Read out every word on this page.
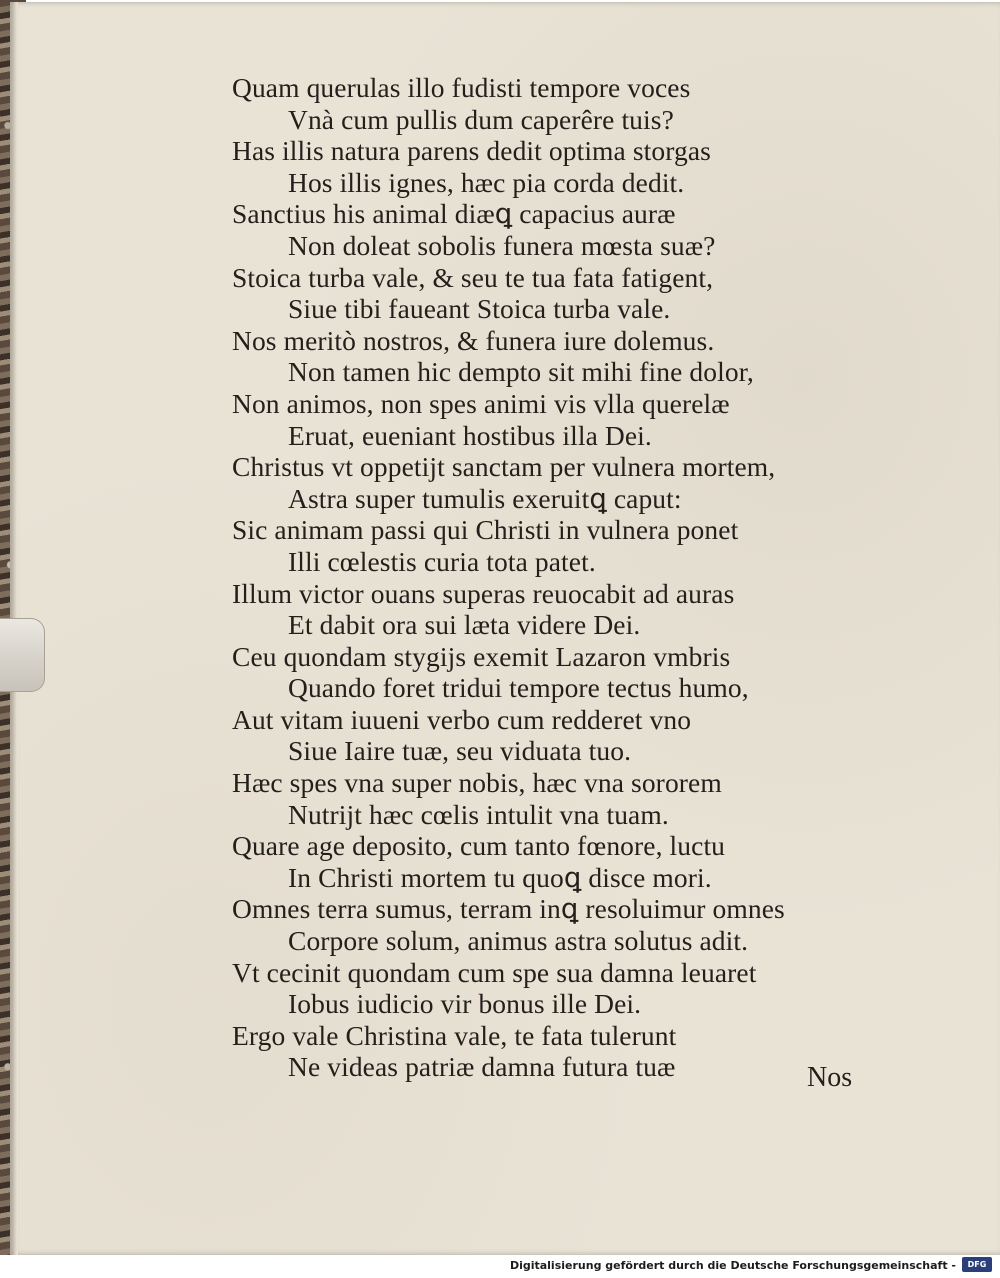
Quam querulas illo fudisti tempore voces
Vnà cum pullis dum caperêre tuis?
Has illis natura parens dedit optima storgas
Hos illis ignes, hæc pia corda dedit.
Sanctius his animal diæꝗ capacius auræ
Non doleat sobolis funera mœsta suæ?
Stoica turba vale, & seu te tua fata fatigent,
Siue tibi faueant Stoica turba vale.
Nos meritò nostros, & funera iure dolemus.
Non tamen hic dempto sit mihi fine dolor,
Non animos, non spes animi vis vlla querelæ
Eruat, eueniant hostibus illa Dei.
Christus vt oppetijt sanctam per vulnera mortem,
Astra super tumulis exeruitꝗ caput:
Sic animam passi qui Christi in vulnera ponet
Illi cœlestis curia tota patet.
Illum victor ouans superas reuocabit ad auras
Et dabit ora sui læta videre Dei.
Ceu quondam stygijs exemit Lazaron vmbris
Quando foret tridui tempore tectus humo,
Aut vitam iuueni verbo cum redderet vno
Siue Iaire tuæ, seu viduata tuo.
Hæc spes vna super nobis, hæc vna sororem
Nutrijt hæc cœlis intulit vna tuam.
Quare age deposito, cum tanto fœnore, luctu
In Christi mortem tu quoꝗ disce mori.
Omnes terra sumus, terram inꝗ resoluimur omnes
Corpore solum, animus astra solutus adit.
Vt cecinit quondam cum spe sua damna leuaret
Iobus iudicio vir bonus ille Dei.
Ergo vale Christina vale, te fata tulerunt
Ne videas patriæ damna futura tuæ	Nos
Digitalisierung gefördert durch die Deutsche Forschungsgemeinschaft -	DFG
